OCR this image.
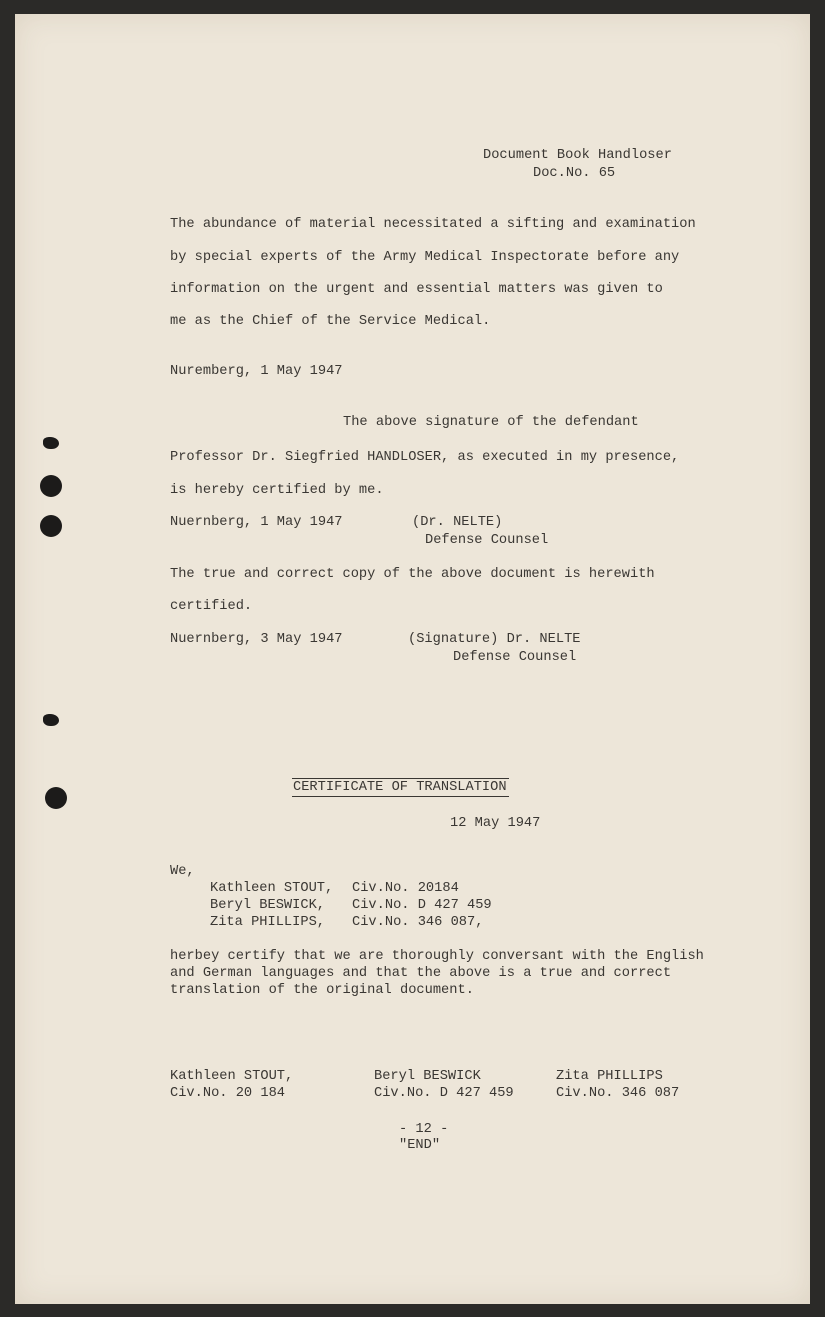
Document Book Handloser
Doc.No. 65
The abundance of material necessitated a sifting and examination
by special experts of the Army Medical Inspectorate before any
information on the urgent and essential matters was given to
me as the Chief of the Service Medical.
Nuremberg, 1 May 1947
The above signature of the defendant
Professor Dr. Siegfried HANDLOSER, as executed in my presence,
is hereby certified by me.
Nuernberg, 1 May 1947	(Dr. NELTE)
Defense Counsel
The true and correct copy of the above document is herewith
certified.
Nuernberg, 3 May 1947	(Signature) Dr. NELTE
Defense Counsel
CERTIFICATE OF TRANSLATION
12 May 1947
We,
Kathleen STOUT, Civ.No. 20184
Beryl BESWICK, Civ.No. D 427 459
Zita PHILLIPS, Civ.No. 346 087,
herbey certify that we are thoroughly conversant with the English
and German languages and that the above is a true and correct
translation of the original document.
Kathleen STOUT,
Civ.No. 20 184
Beryl BESWICK
Civ.No. D 427 459
Zita PHILLIPS
Civ.No. 346 087
- 12 -
"END"
